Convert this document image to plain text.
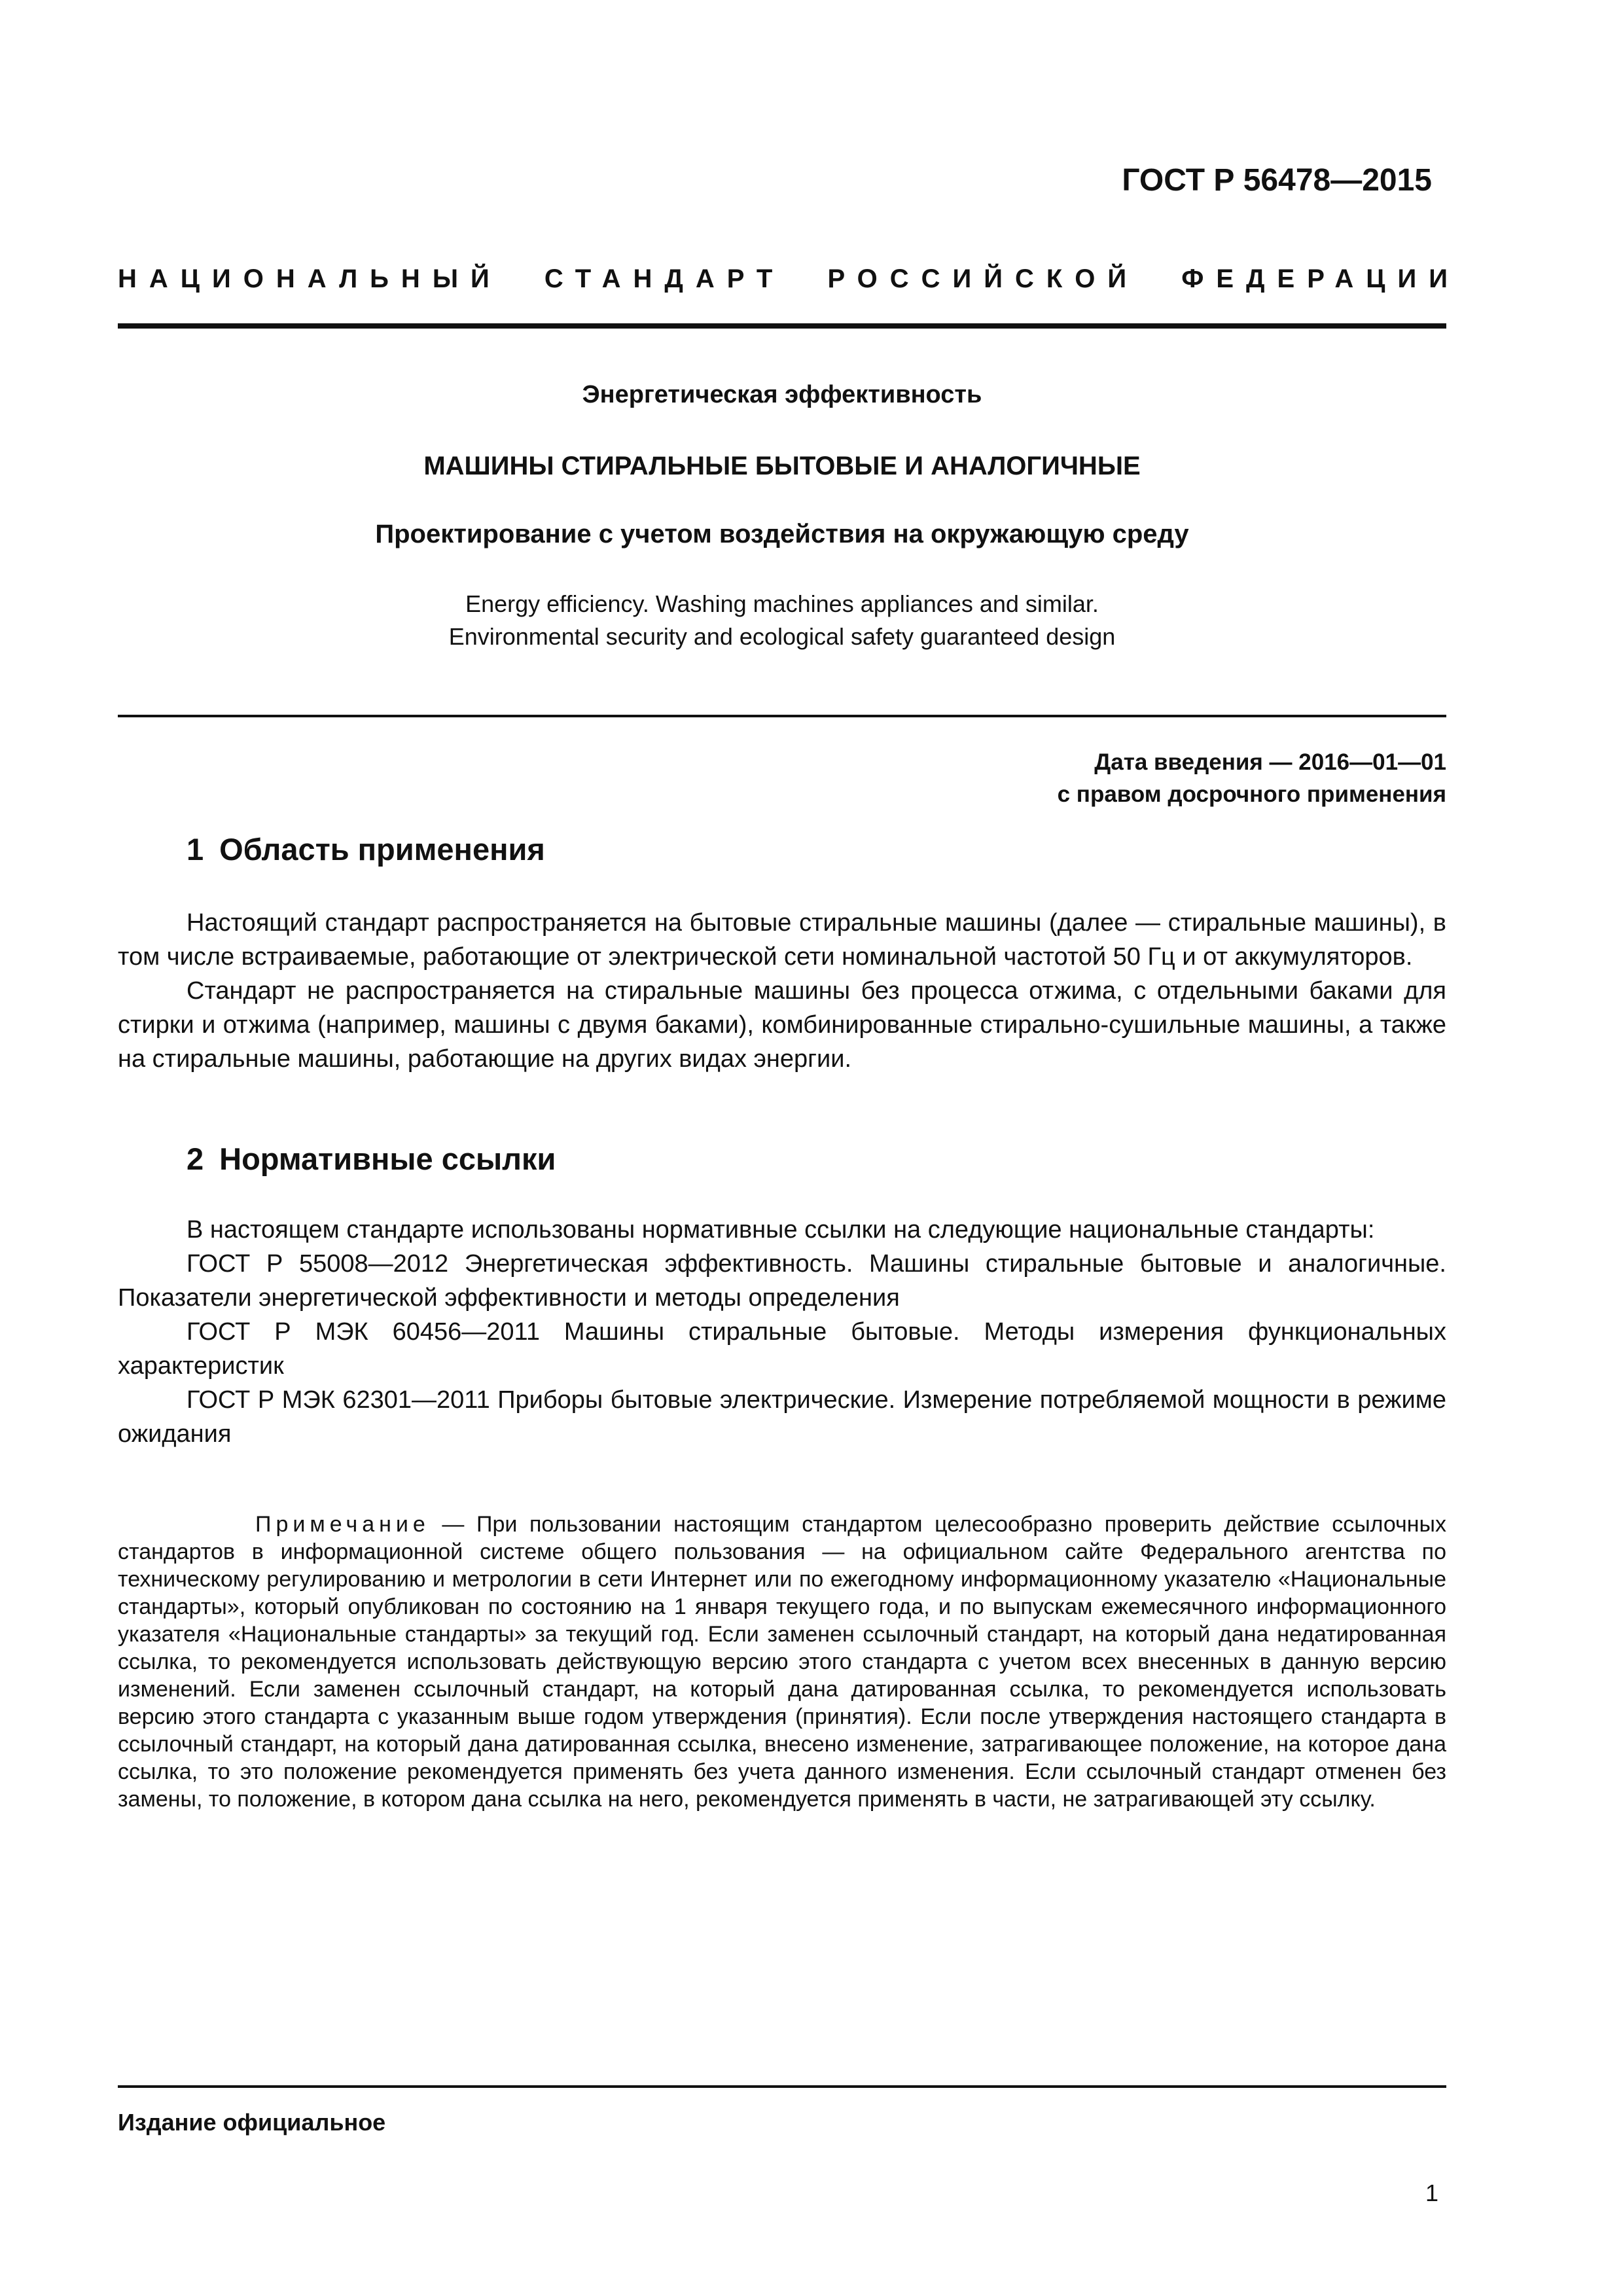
ГОСТ Р 56478—2015
НАЦИОНАЛЬНЫЙ СТАНДАРТ РОССИЙСКОЙ ФЕДЕРАЦИИ
Энергетическая эффективность
МАШИНЫ СТИРАЛЬНЫЕ БЫТОВЫЕ И АНАЛОГИЧНЫЕ
Проектирование с учетом воздействия на окружающую среду
Energy efficiency. Washing machines appliances and similar.
Environmental security and ecological safety guaranteed design
Дата введения — 2016—01—01
с правом досрочного применения
1 Область применения

Настоящий стандарт распространяется на бытовые стиральные машины (далее — стиральные машины), в том числе встраиваемые, работающие от электрической сети номинальной частотой 50 Гц и от аккумуляторов.

Стандарт не распространяется на стиральные машины без процесса отжима, с отдельными баками для стирки и отжима (например, машины с двумя баками), комбинированные стирально-сушильные машины, а также на стиральные машины, работающие на других видах энергии.

2 Нормативные ссылки

В настоящем стандарте использованы нормативные ссылки на следующие национальные стандарты:

ГОСТ Р 55008—2012 Энергетическая эффективность. Машины стиральные бытовые и аналогичные. Показатели энергетической эффективности и методы определения

ГОСТ Р МЭК 60456—2011 Машины стиральные бытовые. Методы измерения функциональных характеристик

ГОСТ Р МЭК 62301—2011 Приборы бытовые электрические. Измерение потребляемой мощности в режиме ожидания

Примечание — При пользовании настоящим стандартом целесообразно проверить действие ссылочных стандартов в информационной системе общего пользования — на официальном сайте Федерального агентства по техническому регулированию и метрологии в сети Интернет или по ежегодному информационному указателю «Национальные стандарты», который опубликован по состоянию на 1 января текущего года, и по выпускам ежемесячного информационного указателя «Национальные стандарты» за текущий год. Если заменен ссылочный стандарт, на который дана недатированная ссылка, то рекомендуется использовать действующую версию этого стандарта с учетом всех внесенных в данную версию изменений. Если заменен ссылочный стандарт, на который дана датированная ссылка, то рекомендуется использовать версию этого стандарта с указанным выше годом утверждения (принятия). Если после утверждения настоящего стандарта в ссылочный стандарт, на который дана датированная ссылка, внесено изменение, затрагивающее положение, на которое дана ссылка, то это положение рекомендуется применять без учета данного изменения. Если ссылочный стандарт отменен без замены, то положение, в котором дана ссылка на него, рекомендуется применять в части, не затрагивающей эту ссылку.

Издание официальное
1
